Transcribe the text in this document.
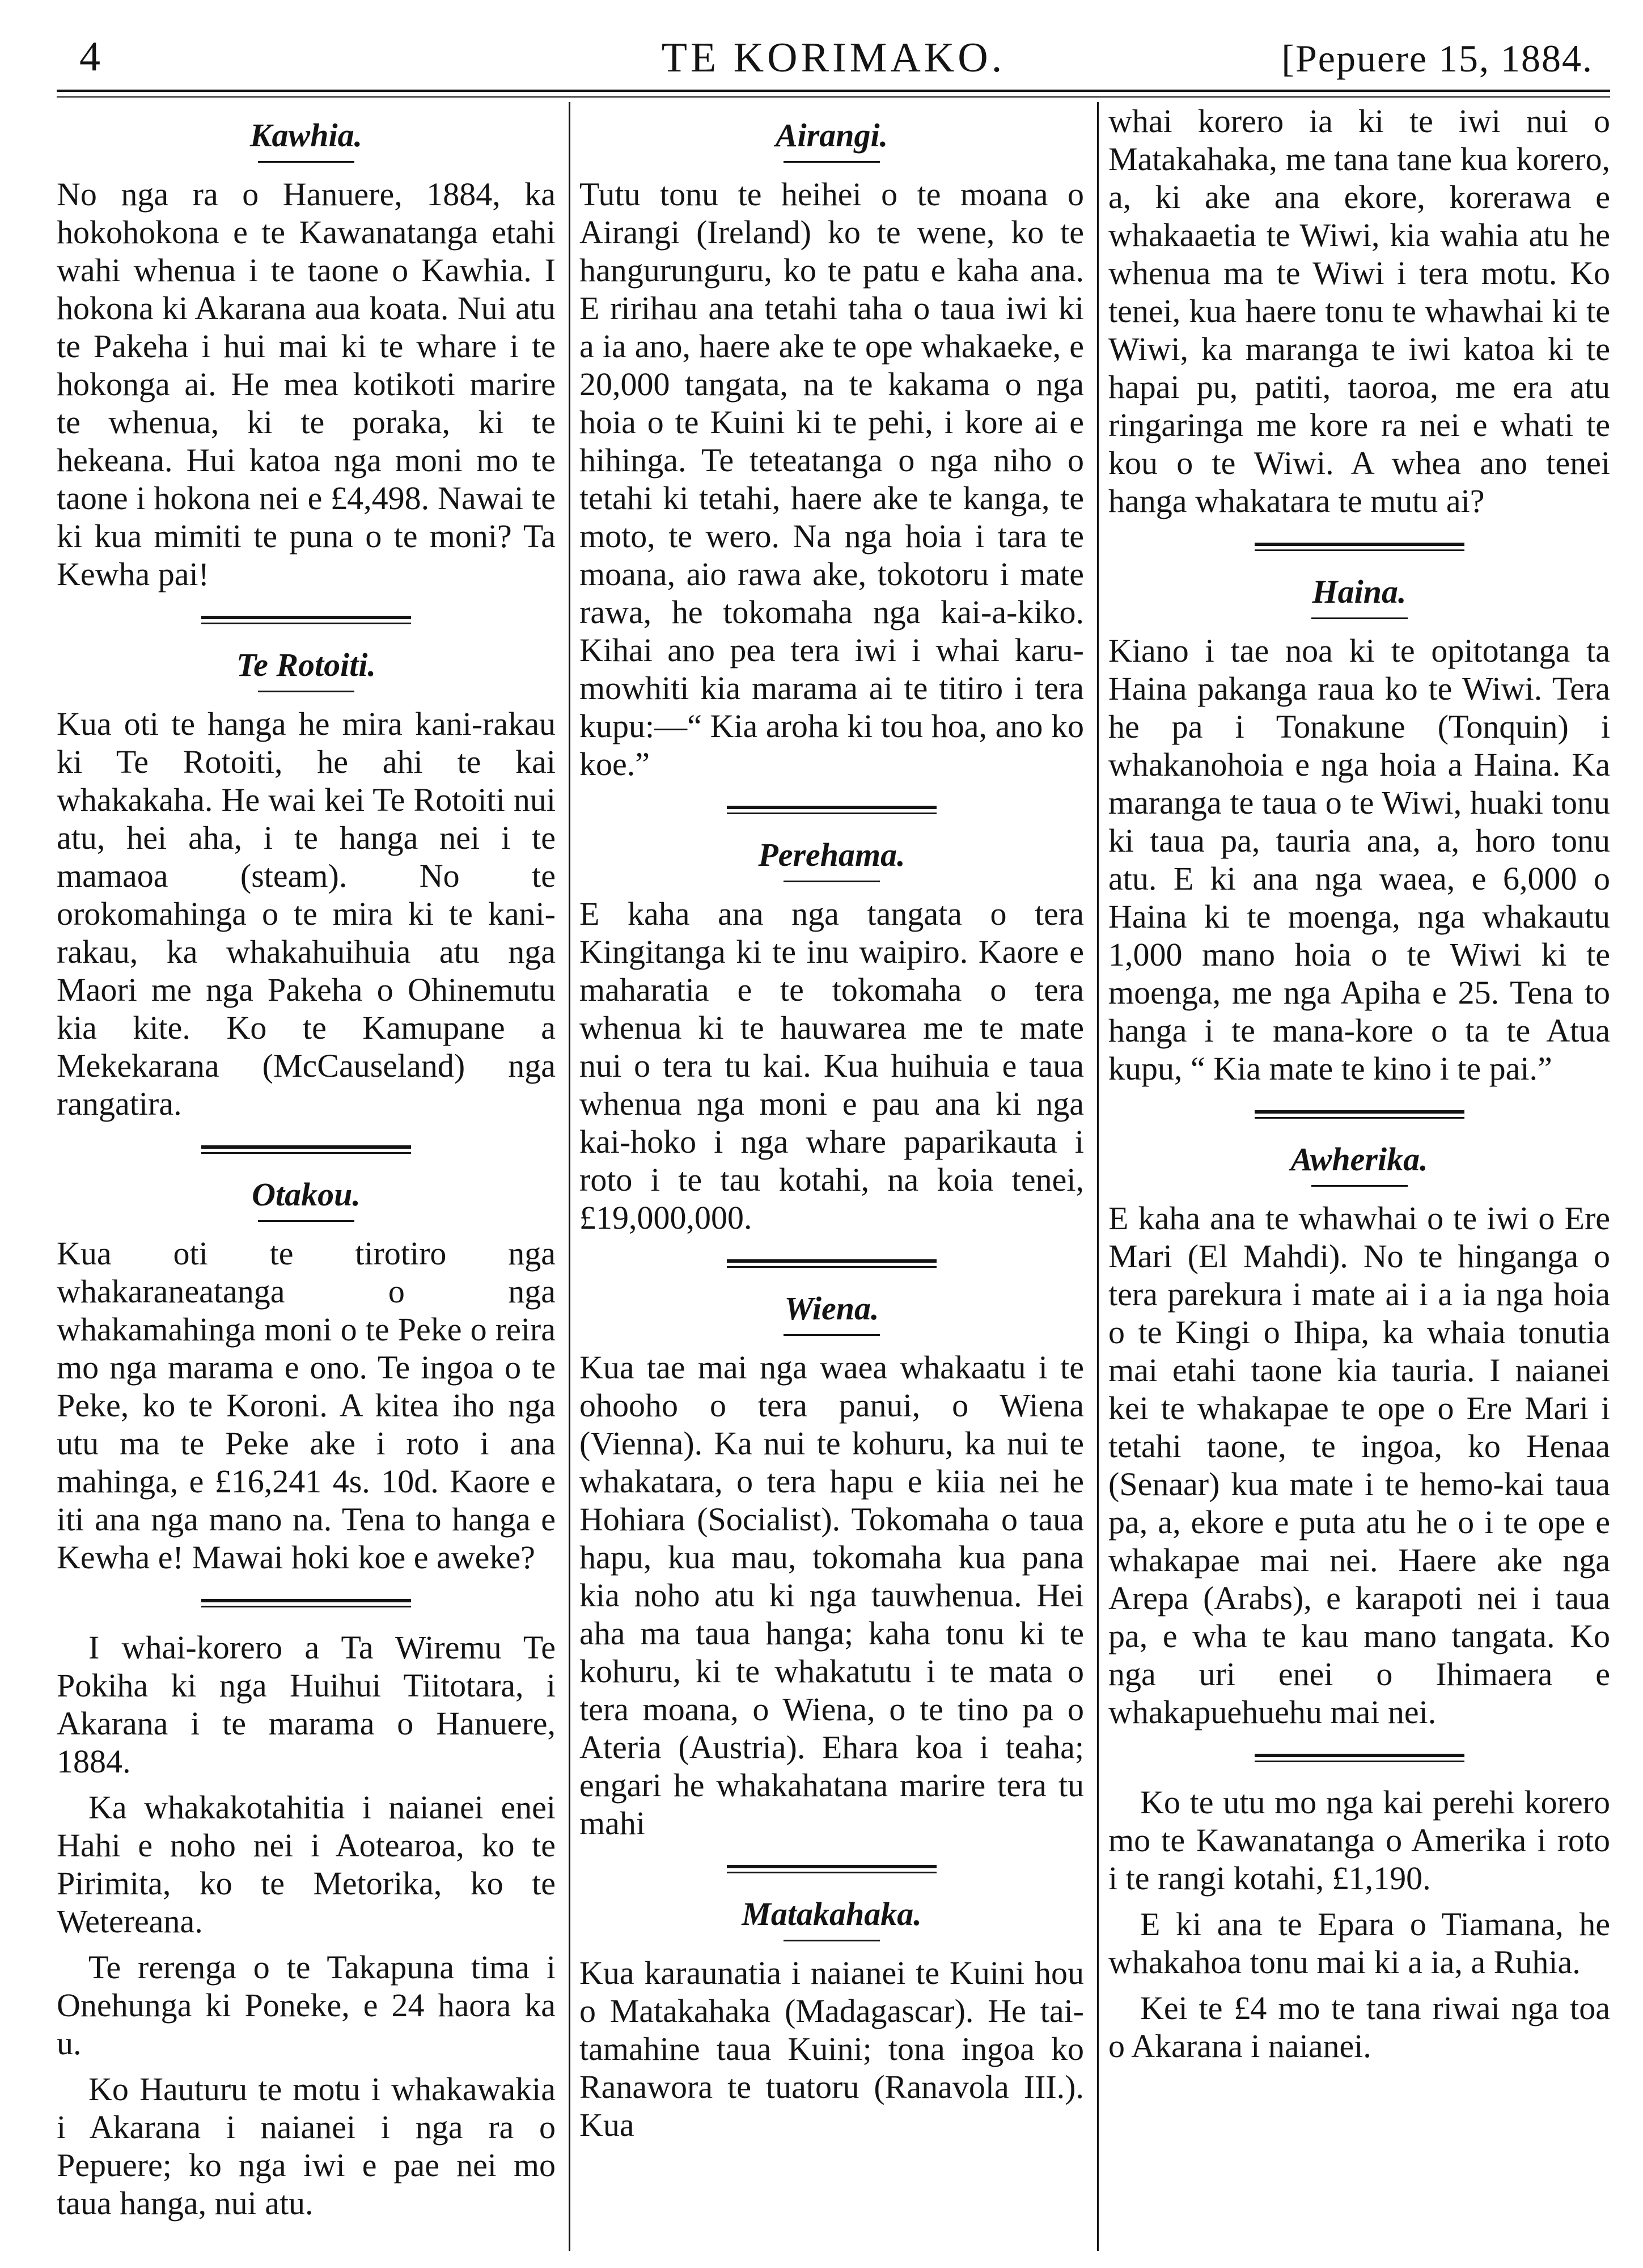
4	TE KORIMAKO.	[Pepuere 15, 1884.
Kawhia.

No nga ra o Hanuere, 1884, ka hokohokona e te Kawanatanga etahi wahi whenua i te taone o Kawhia. I hokona ki Akarana aua koata. Nui atu te Pakeha i hui mai ki te whare i te hokonga ai. He mea kotikoti marire te whenua, ki te poraka, ki te hekeana. Hui katoa nga moni mo te taone i hokona nei e £4,498. Nawai te ki kua mimiti te puna o te moni? Ta Kewha pai!

Te Rotoiti.

Kua oti te hanga he mira kani-rakau ki Te Rotoiti, he ahi te kai whakakaha. He wai kei Te Rotoiti nui atu, hei aha, i te hanga nei i te mamaoa (steam). No te orokomahinga o te mira ki te kani-rakau, ka whakahuihuia atu nga Maori me nga Pakeha o Ohinemutu kia kite. Ko te Kamupane a Mekekarana (McCauseland) nga rangatira.

Otakou.

Kua oti te tirotiro nga whakaraneatanga o nga whakamahinga moni o te Peke o reira mo nga marama e ono. Te ingoa o te Peke, ko te Koroni. A kitea iho nga utu ma te Peke ake i roto i ana mahinga, e £16,241 4s. 10d. Kaore e iti ana nga mano na. Tena to hanga e Kewha e! Mawai hoki koe e aweke?

I whai-korero a Ta Wiremu Te Pokiha ki nga Huihui Tiitotara, i Akarana i te marama o Hanuere, 1884.

Ka whakakotahitia i naianei enei Hahi e noho nei i Aotearoa, ko te Pirimita, ko te Metorika, ko te Wetereana.

Te rerenga o te Takapuna tima i Onehunga ki Poneke, e 24 haora ka u.

Ko Hauturu te motu i whakawakia i Akarana i naianei i nga ra o Pepuere; ko nga iwi e pae nei mo taua hanga, nui atu.

Airangi.

Tutu tonu te heihei o te moana o Airangi (Ireland) ko te wene, ko te hangurunguru, ko te patu e kaha ana. E ririhau ana tetahi taha o taua iwi ki a ia ano, haere ake te ope whakaeke, e 20,000 tangata, na te kakama o nga hoia o te Kuini ki te pehi, i kore ai e hihinga. Te teteatanga o nga niho o tetahi ki tetahi, haere ake te kanga, te moto, te wero. Na nga hoia i tara te moana, aio rawa ake, tokotoru i mate rawa, he tokomaha nga kai-a-kiko. Kihai ano pea tera iwi i whai karu-mowhiti kia marama ai te titiro i tera kupu:—“ Kia aroha ki tou hoa, ano ko koe.”

Perehama.

E kaha ana nga tangata o tera Kingitanga ki te inu waipiro. Kaore e maharatia e te tokomaha o tera whenua ki te hauwarea me te mate nui o tera tu kai. Kua huihuia e taua whenua nga moni e pau ana ki nga kai-hoko i nga whare paparikauta i roto i te tau kotahi, na koia tenei, £19,000,000.

Wiena.

Kua tae mai nga waea whakaatu i te ohooho o tera panui, o Wiena (Vienna). Ka nui te kohuru, ka nui te whakatara, o tera hapu e kiia nei he Hohiara (Socialist). Tokomaha o taua hapu, kua mau, tokomaha kua pana kia noho atu ki nga tauwhenua. Hei aha ma taua hanga; kaha tonu ki te kohuru, ki te whakatutu i te mata o tera moana, o Wiena, o te tino pa o Ateria (Austria). Ehara koa i teaha; engari he whakahatana marire tera tu mahi

Matakahaka.

Kua karaunatia i naianei te Kuini hou o Matakahaka (Madagascar). He tai-tamahine taua Kuini; tona ingoa ko Ranawora te tuatoru (Ranavola III.). Kua

whai korero ia ki te iwi nui o Matakahaka, me tana tane kua korero, a, ki ake ana ekore, korerawa e whakaaetia te Wiwi, kia wahia atu he whenua ma te Wiwi i tera motu. Ko tenei, kua haere tonu te whawhai ki te Wiwi, ka maranga te iwi katoa ki te hapai pu, patiti, taoroa, me era atu ringaringa me kore ra nei e whati te kou o te Wiwi. A whea ano tenei hanga whakatara te mutu ai?

Haina.

Kiano i tae noa ki te opitotanga ta Haina pakanga raua ko te Wiwi. Tera he pa i Tonakune (Tonquin) i whakanohoia e nga hoia a Haina. Ka maranga te taua o te Wiwi, huaki tonu ki taua pa, tauria ana, a, horo tonu atu. E ki ana nga waea, e 6,000 o Haina ki te moenga, nga whakautu 1,000 mano hoia o te Wiwi ki te moenga, me nga Apiha e 25. Tena to hanga i te mana-kore o ta te Atua kupu, “ Kia mate te kino i te pai.”

Awherika.

E kaha ana te whawhai o te iwi o Ere Mari (El Mahdi). No te hinganga o tera parekura i mate ai i a ia nga hoia o te Kingi o Ihipa, ka whaia tonutia mai etahi taone kia tauria. I naianei kei te whakapae te ope o Ere Mari i tetahi taone, te ingoa, ko Henaa (Senaar) kua mate i te hemo-kai taua pa, a, ekore e puta atu he o i te ope e whakapae mai nei. Haere ake nga Arepa (Arabs), e karapoti nei i taua pa, e wha te kau mano tangata. Ko nga uri enei o Ihimaera e whakapuehuehu mai nei.

Ko te utu mo nga kai perehi korero mo te Kawanatanga o Amerika i roto i te rangi kotahi, £1,190.

E ki ana te Epara o Tiamana, he whakahoa tonu mai ki a ia, a Ruhia.

Kei te £4 mo te tana riwai nga toa o Akarana i naianei.
